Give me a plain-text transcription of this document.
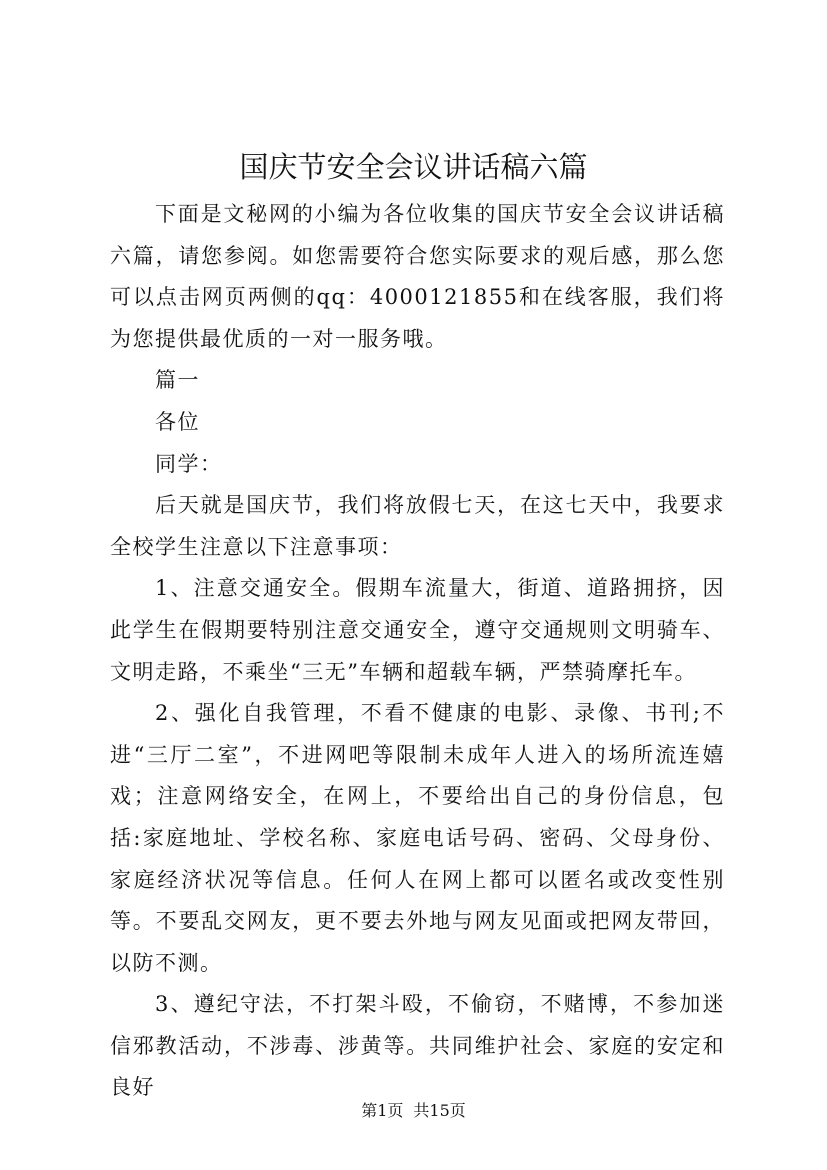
国庆节安全会议讲话稿六篇

下面是文秘网的小编为各位收集的国庆节安全会议讲话稿六篇，请您参阅。如您需要符合您实际要求的观后感，那么您可以点击网页两侧的qq：4000121855和在线客服，我们将为您提供最优质的一对一服务哦。

篇一

各位

同学：

后天就是国庆节，我们将放假七天，在这七天中，我要求全校学生注意以下注意事项：

1、注意交通安全。假期车流量大，街道、道路拥挤，因此学生在假期要特别注意交通安全，遵守交通规则文明骑车、文明走路，不乘坐“三无”车辆和超载车辆，严禁骑摩托车。

2、强化自我管理，不看不健康的电影、录像、书刊;不进“三厅二室”，不进网吧等限制未成年人进入的场所流连嬉戏；注意网络安全，在网上，不要给出自己的身份信息，包括:家庭地址、学校名称、家庭电话号码、密码、父母身份、家庭经济状况等信息。任何人在网上都可以匿名或改变性别等。不要乱交网友，更不要去外地与网友见面或把网友带回，以防不测。

3、遵纪守法，不打架斗殴，不偷窃，不赌博，不参加迷信邪教活动，不涉毒、涉黄等。共同维护社会、家庭的安定和良好

第1页 共15页
